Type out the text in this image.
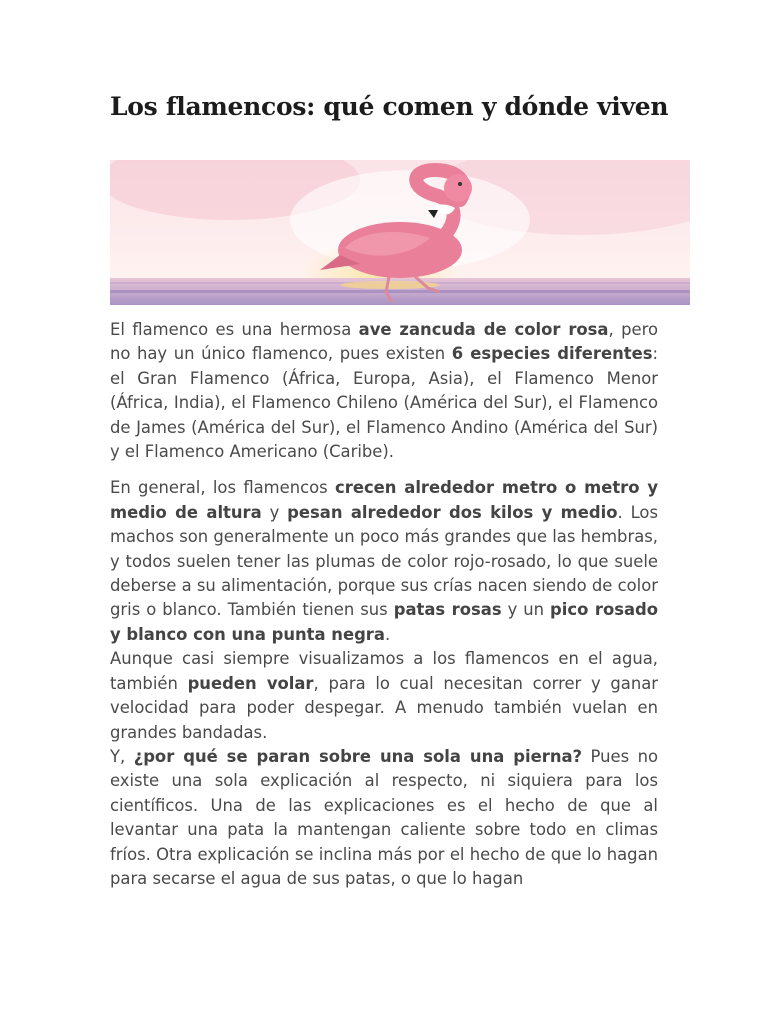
Los flamencos: qué comen y dónde viven

El flamenco es una hermosa ave zancuda de color rosa, pero no hay un único flamenco, pues existen 6 especies diferentes: el Gran Flamenco (África, Europa, Asia), el Flamenco Menor (África, India), el Flamenco Chileno (América del Sur), el Flamenco de James (América del Sur), el Flamenco Andino (América del Sur) y el Flamenco Americano (Caribe).

En general, los flamencos crecen alrededor metro o metro y medio de altura y pesan alrededor dos kilos y medio. Los machos son generalmente un poco más grandes que las hembras, y todos suelen tener las plumas de color rojo-rosado, lo que suele deberse a su alimentación, porque sus crías nacen siendo de color gris o blanco. También tienen sus patas rosas y un pico rosado y blanco con una punta negra.

Aunque casi siempre visualizamos a los flamencos en el agua, también pueden volar, para lo cual necesitan correr y ganar velocidad para poder despegar. A menudo también vuelan en grandes bandadas.

Y, ¿por qué se paran sobre una sola una pierna? Pues no existe una sola explicación al respecto, ni siquiera para los científicos. Una de las explicaciones es el hecho de que al levantar una pata la mantengan caliente sobre todo en climas fríos. Otra explicación se inclina más por el hecho de que lo hagan para secarse el agua de sus patas, o que lo hagan
